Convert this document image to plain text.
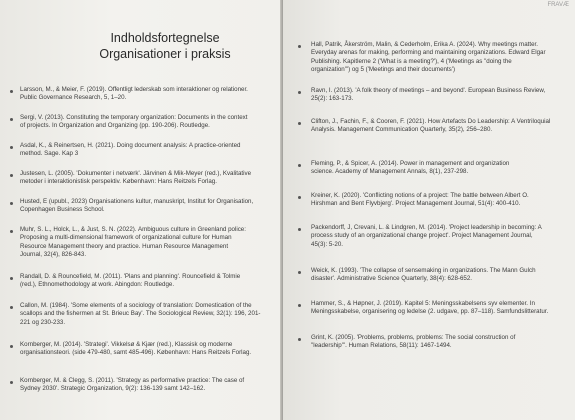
Indholdsfortegnelse
Organisationer i praksis
Larsson, M., & Meier, F. (2019). Offentligt lederskab som interaktioner og relationer.
Public Governance Research, 5, 1–20.
Sergi, V. (2013). Constituting the temporary organization: Documents in the context
of projects. In Organization and Organizing (pp. 190-206). Routledge.
Asdal, K., & Reinertsen, H. (2021). Doing document analysis: A practice-oriented
method. Sage. Kap 3
Justesen, L. (2005). 'Dokumenter i netværk'. Järvinen & Mik-Meyer (red.), Kvalitative
metoder i interaktionistisk perspektiv. København: Hans Reitzels Forlag.
Husted, E (upubl., 2023) Organisationens kultur, manuskript, Institut for Organisation,
Copenhagen Business School.
Muhr, S. L., Holck, L., & Just, S. N. (2022). Ambiguous culture in Greenland police:
Proposing a multi-dimensional framework of organizational culture for Human
Resource Management theory and practice. Human Resource Management
Journal, 32(4), 826-843.
Randall, D. & Rouncefield, M. (2011). 'Plans and planning'. Rouncefield & Tolmie
(red.), Ethnomethodology at work. Abingdon: Routledge.
Callon, M. (1984). 'Some elements of a sociology of translation: Domestication of the
scallops and the fishermen at St. Brieuc Bay'. The Sociological Review, 32(1): 196, 201-
221 og 230-233.
Kornberger, M. (2014). 'Strategi'. Vikkelsø & Kjær (red.), Klassisk og moderne
organisationsteori. (side 479-480, samt 485-496). København: Hans Reitzels Forlag.
Kornberger, M. & Clegg, S. (2011). 'Strategy as performative practice: The case of
Sydney 2030'. Strategic Organization, 9(2): 136-139 samt 142–162.
FRAVÆ
Hall, Patrik, Åkerström, Malin, & Cederholm, Erika A. (2024). Why meetings matter.
Everyday arenas for making, performing and maintaining organizations. Edward Elgar
Publishing. Kapitlerne 2 ('What is a meeting?'), 4 ('Meetings as "doing the
organization"') og 5 ('Meetings and their documents')
Ravn, I. (2013). 'A folk theory of meetings – and beyond'. European Business Review,
25(2): 163-173.
Clifton, J., Fachin, F., & Cooren, F. (2021). How Artefacts Do Leadership: A Ventriloquial
Analysis. Management Communication Quarterly, 35(2), 256–280.
Fleming, P., & Spicer, A. (2014). Power in management and organization
science. Academy of Management Annals, 8(1), 237-298.
Kreiner, K. (2020). 'Conflicting notions of a project: The battle between Albert O.
Hirshman and Bent Flyvbjerg'. Project Management Journal, 51(4): 400-410.
Packendorff, J, Crevani, L. & Lindgren, M. (2014). 'Project leadership in becoming: A
process study of an organizational change project'. Project Management Journal,
45(3): 5-20.
Weick, K. (1993). 'The collapse of sensemaking in organizations. The Mann Gulch
disaster'. Administrative Science Quarterly, 38(4): 628-652.
Hammer, S., & Høpner, J. (2019). Kapitel 5: Meningsskabelsens syv elementer. In
Meningsskabelse, organisering og ledelse (2. udgave, pp. 87–118). Samfundslitteratur.
Grint, K. (2005). 'Problems, problems, problems: The social construction of
"leadership"'. Human Relations, 58(11): 1467-1494.
